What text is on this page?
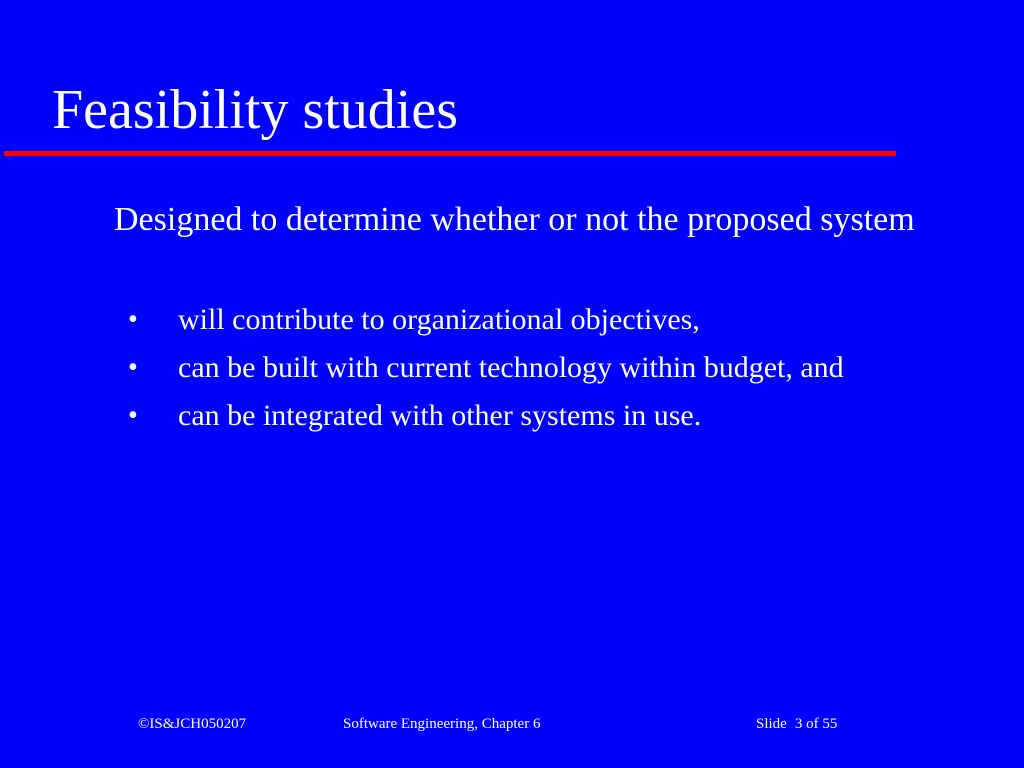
Feasibility studies

Designed to determine whether or not the proposed system

• will contribute to organizational objectives,
• can be built with current technology within budget, and
• can be integrated with other systems in use.
©IS&JCH050207	Software Engineering, Chapter 6	Slide 3 of 55
